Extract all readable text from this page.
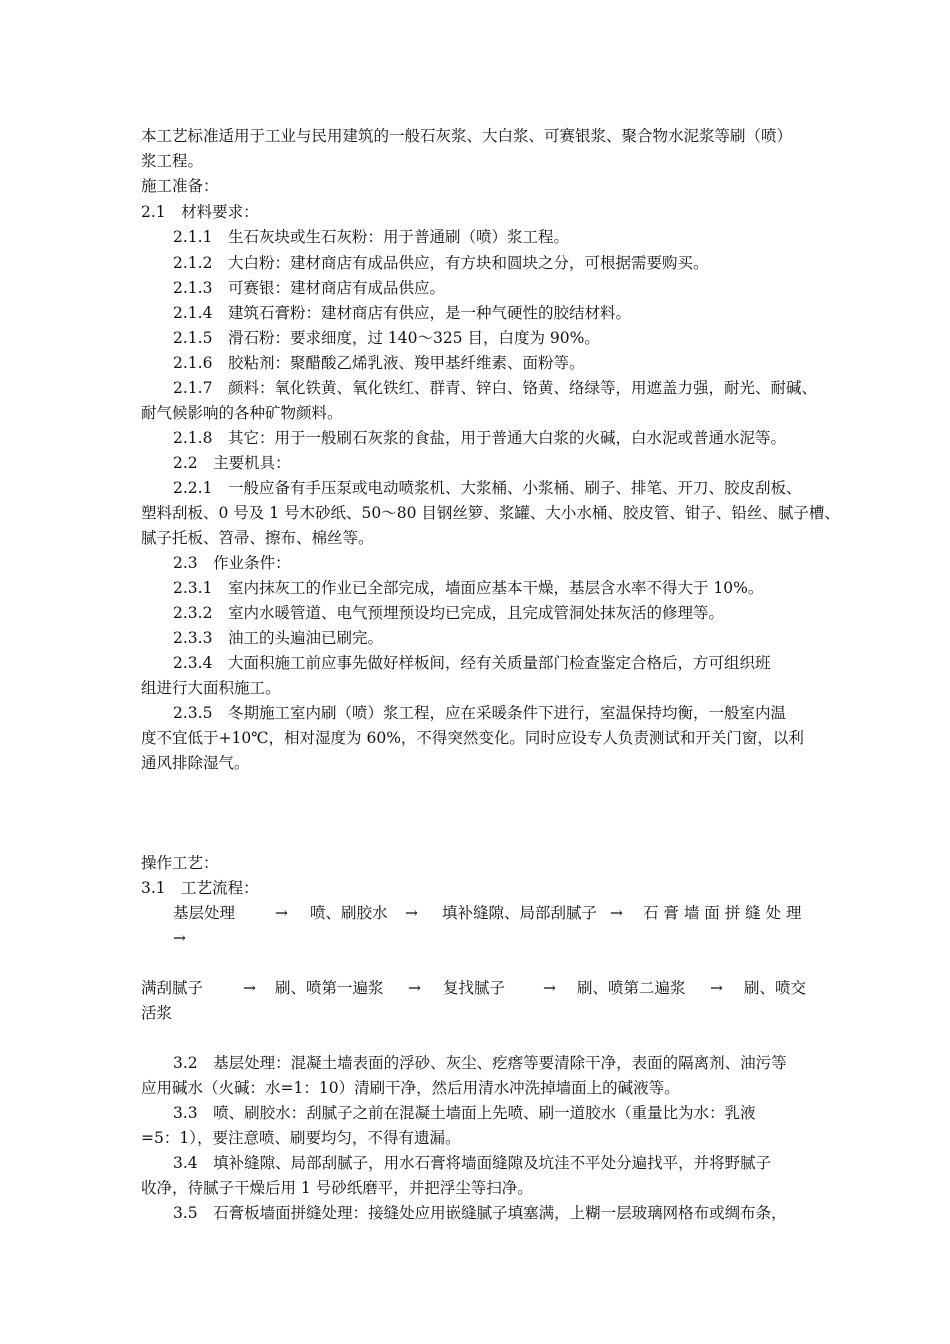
本工艺标准适用于工业与民用建筑的一般石灰浆、大白浆、可赛银浆、聚合物水泥浆等刷（喷）
浆工程。
施工准备：
2.1　材料要求：
2.1.1　生石灰块或生石灰粉：用于普通刷（喷）浆工程。
2.1.2　大白粉：建材商店有成品供应，有方块和圆块之分，可根据需要购买。
2.1.3　可赛银：建材商店有成品供应。
2.1.4　建筑石膏粉：建材商店有供应，是一种气硬性的胶结材料。
2.1.5　滑石粉：要求细度，过 140～325 目，白度为 90%。
2.1.6　胶粘剂：聚醋酸乙烯乳液、羧甲基纤维素、面粉等。
2.1.7　颜料：氧化铁黄、氧化铁红、群青、锌白、铬黄、络绿等，用遮盖力强，耐光、耐碱、
耐气候影响的各种矿物颜料。
2.1.8　其它：用于一般刷石灰浆的食盐，用于普通大白浆的火碱，白水泥或普通水泥等。
2.2　主要机具：
2.2.1　一般应备有手压泵或电动喷浆机、大浆桶、小浆桶、刷子、排笔、开刀、胶皮刮板、
塑料刮板、0 号及 1 号木砂纸、50～80 目钢丝箩、浆罐、大小水桶、胶皮管、钳子、铅丝、腻子槽、
腻子托板、笤帚、擦布、棉丝等。
2.3　作业条件：
2.3.1　室内抹灰工的作业已全部完成，墙面应基本干燥，基层含水率不得大于 10%。
2.3.2　室内水暖管道、电气预埋预设均已完成，且完成管洞处抹灰活的修理等。
2.3.3　油工的头遍油已刷完。
2.3.4　大面积施工前应事先做好样板间，经有关质量部门检查鉴定合格后，方可组织班
组进行大面积施工。
2.3.5　冬期施工室内刷（喷）浆工程，应在采暖条件下进行，室温保持均衡，一般室内温
度不宜低于+10℃，相对湿度为 60%，不得突然变化。同时应设专人负责测试和开关门窗，以利
通风排除湿气。
操作工艺：
3.1　工艺流程：
基层处理	→ 喷、刷胶水 → 填补缝隙、局部刮腻子 → 石 膏 墙 面 拼 缝 处 理
→
满刮腻子	→ 刷、喷第一遍浆 → 复找腻子 → 刷、喷第二遍浆 → 刷、喷交
活浆
3.2　基层处理：混凝土墙表面的浮砂、灰尘、疙瘩等要清除干净，表面的隔离剂、油污等
应用碱水（火碱：水=1：10）清刷干净，然后用清水冲洗掉墙面上的碱液等。
3.3　喷、刷胶水：刮腻子之前在混凝土墙面上先喷、刷一道胶水（重量比为水：乳液
=5：1），要注意喷、刷要均匀，不得有遗漏。
3.4　填补缝隙、局部刮腻子，用水石膏将墙面缝隙及坑洼不平处分遍找平，并将野腻子
收净，待腻子干燥后用 1 号砂纸磨平，并把浮尘等扫净。
3.5　石膏板墙面拼缝处理：接缝处应用嵌缝腻子填塞满，上糊一层玻璃网格布或绸布条，
